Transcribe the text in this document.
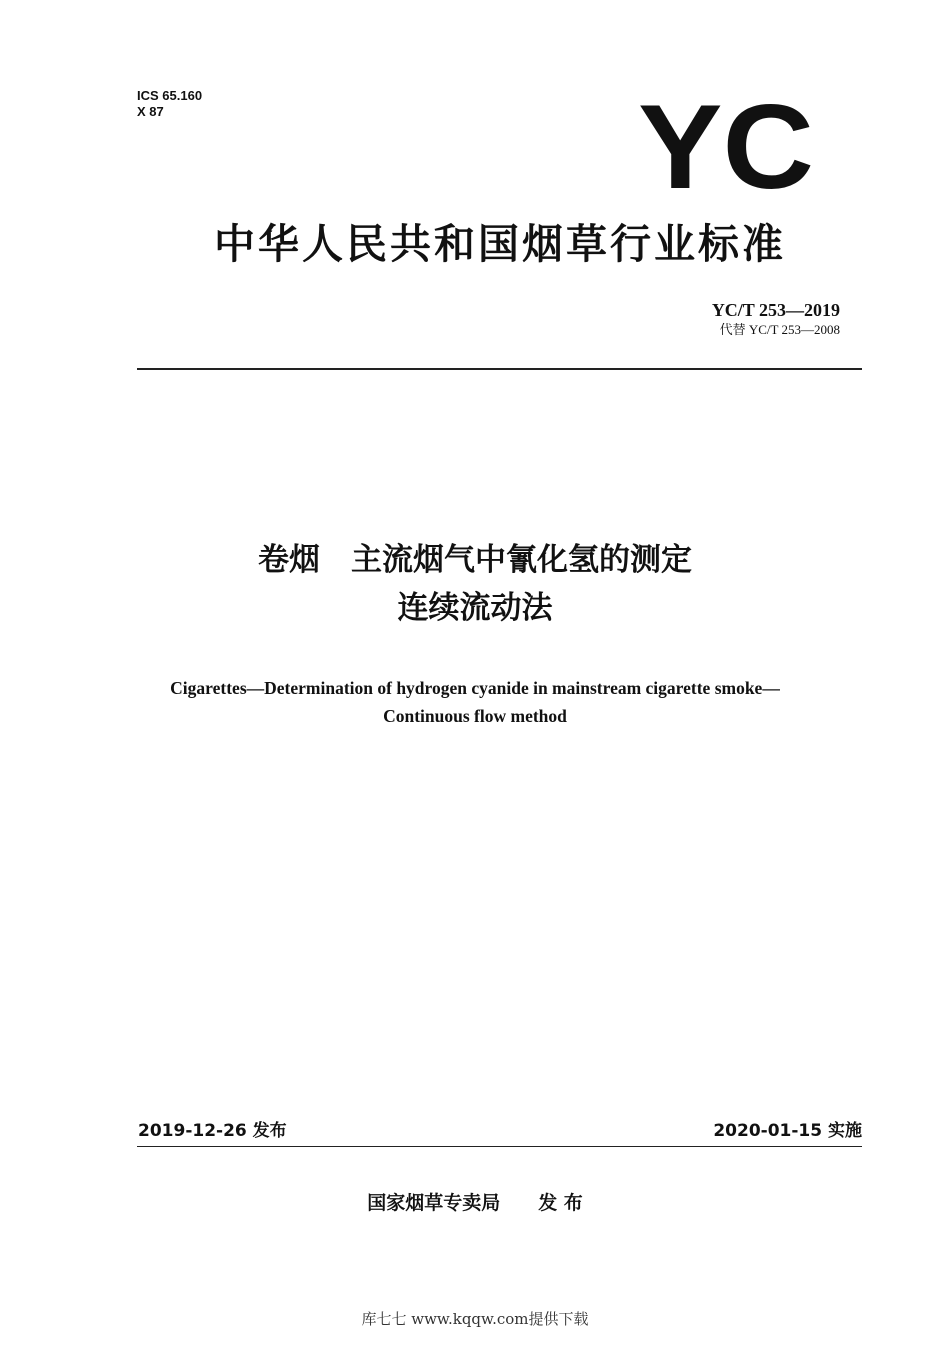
ICS 65.160
X 87	YC
中华人民共和国烟草行业标准
YC/T 253—2019
代替 YC/T 253—2008
卷烟　主流烟气中氰化氢的测定
连续流动法
Cigarettes—Determination of hydrogen cyanide in mainstream cigarette smoke—
Continuous flow method
2019-12-26 发布	2020-01-15 实施
国家烟草专卖局　　发 布
库七七 www.kqqw.com提供下载
